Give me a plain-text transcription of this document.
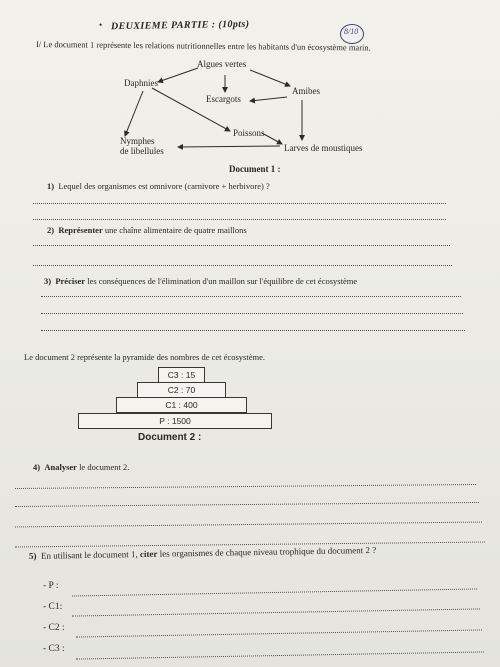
• DEUXIEME PARTIE : (10pts)	8/10
I/ Le document 1 représente les relations nutritionnelles entre les habitants d'un écosystème marin.
Algues vertes
Daphnies
Amibes
Escargots
Poissons
Nymphes
de libellules	Larves de moustiques
Document 1 :
1) Lequel des organismes est omnivore (carnivore + herbivore) ?
2) Représenter une chaîne alimentaire de quatre maillons
3) Préciser les conséquences de l'élimination d'un maillon sur l'équilibre de cet écosystème
Le document 2 représente la pyramide des nombres de cet écosystème.
C3 : 15
C2 : 70
C1 : 400
P : 1500
Document 2 :
4) Analyser le document 2.
5) En utilisant le document 1, citer les organismes de chaque niveau trophique du document 2 ?
- P :
- C1:
- C2 :
- C3 :
